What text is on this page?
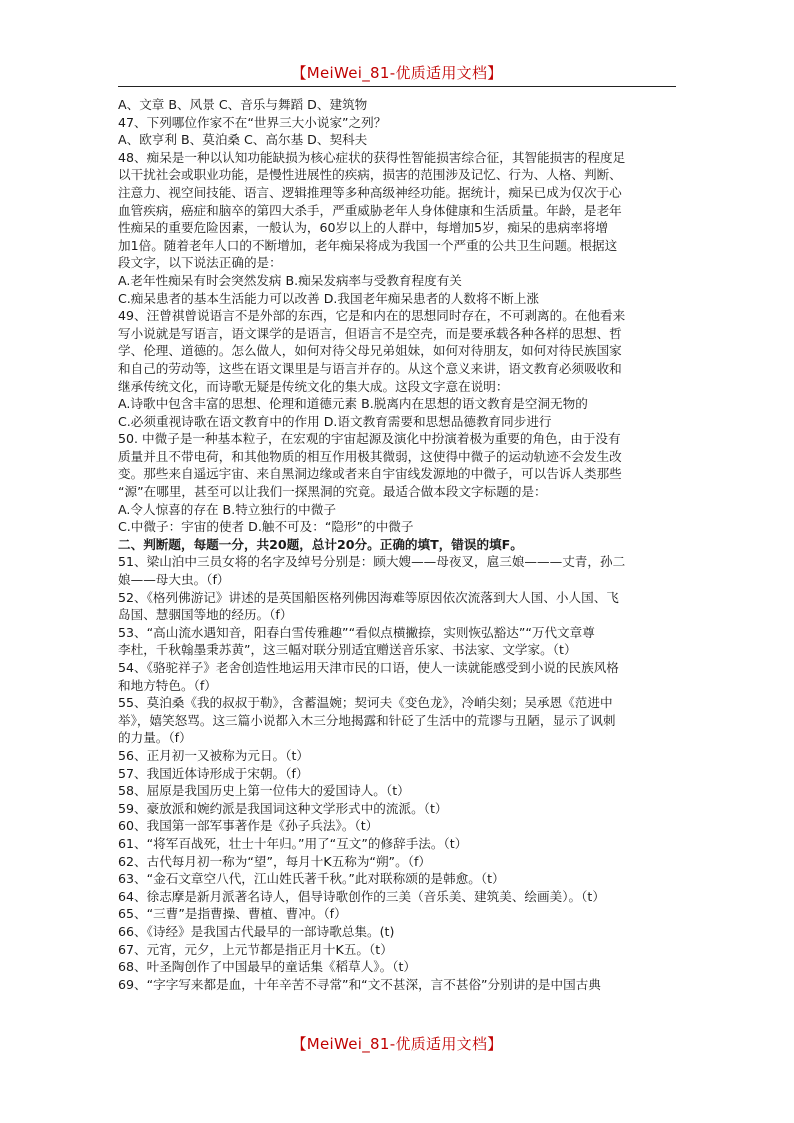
【MeiWei_81-优质适用文档】
A、文章 B、风景 C、音乐与舞蹈 D、建筑物
47、下列哪位作家不在“世界三大小说家”之列？
A、欧亨利 B、莫泊桑 C、高尔基 D、契科夫
48、痴呆是一种以认知功能缺损为核心症状的获得性智能损害综合征，其智能损害的程度足
以干扰社会或职业功能，是慢性进展性的疾病，损害的范围涉及记忆、行为、人格、判断、
注意力、视空间技能、语言、逻辑推理等多种高级神经功能。据统计，痴呆已成为仅次于心
血管疾病，癌症和脑卒的第四大杀手，严重威胁老年人身体健康和生活质量。年龄，是老年
性痴呆的重要危险因素，一般认为，60岁以上的人群中，每增加5岁，痴呆的患病率将增
加1倍。随着老年人口的不断增加，老年痴呆将成为我国一个严重的公共卫生问题。根据这
段文字，以下说法正确的是：
A.老年性痴呆有时会突然发病 B.痴呆发病率与受教育程度有关
C.痴呆患者的基本生活能力可以改善 D.我国老年痴呆患者的人数将不断上涨
49、汪曾祺曾说语言不是外部的东西，它是和内在的思想同时存在，不可剥离的。在他看来
写小说就是写语言，语文课学的是语言，但语言不是空壳，而是要承载各种各样的思想、哲
学、伦理、道德的。怎么做人，如何对待父母兄弟姐妹，如何对待朋友，如何对待民族国家
和自己的劳动等，这些在语文课里是与语言并存的。从这个意义来讲，语文教育必须吸收和
继承传统文化，而诗歌无疑是传统文化的集大成。这段文字意在说明：
A.诗歌中包含丰富的思想、伦理和道德元素 B.脱离内在思想的语文教育是空洞无物的
C.必须重视诗歌在语文教育中的作用 D.语文教育需要和思想品德教育同步进行
50. 中微子是一种基本粒子，在宏观的宇宙起源及演化中扮演着极为重要的角色，由于没有
质量并且不带电荷，和其他物质的相互作用极其微弱，这使得中微子的运动轨迹不会发生改
变。那些来自遥远宇宙、来自黑洞边缘或者来自宇宙线发源地的中微子，可以告诉人类那些
“源”在哪里，甚至可以让我们一探黑洞的究竟。最适合做本段文字标题的是：
A.令人惊喜的存在 B.特立独行的中微子
C.中微子：宇宙的使者 D.触不可及：“隐形”的中微子
二、判断题，每题一分，共20题，总计20分。正确的填T，错误的填F。
51、梁山泊中三员女将的名字及绰号分别是：顾大嫂——母夜叉，扈三娘———丈青，孙二
娘——母大虫。（f）
52、《格列佛游记》讲述的是英国船医格列佛因海难等原因依次流落到大人国、小人国、飞
岛国、慧骃国等地的经历。（f）
53、“高山流水遇知音，阳春白雪传雅趣”“看似点横撇捺，实则恢弘豁达”“万代文章尊
李杜，千秋翰墨秉苏黄”，这三幅对联分别适宜赠送音乐家、书法家、文学家。（t）
54、《骆驼祥子》老舍创造性地运用天津市民的口语，使人一读就能感受到小说的民族风格
和地方特色。（f）
55、莫泊桑《我的叔叔于勒》，含蓄温婉；契诃夫《变色龙》，冷峭尖刻；吴承恩《范进中
举》，嬉笑怒骂。这三篇小说都入木三分地揭露和针砭了生活中的荒谬与丑陋，显示了讽刺
的力量。（f）
56、正月初一又被称为元日。（t）
57、我国近体诗形成于宋朝。（f）
58、屈原是我国历史上第一位伟大的爱国诗人。（t）
59、豪放派和婉约派是我国词这种文学形式中的流派。（t）
60、我国第一部军事著作是《孙子兵法》。（t）
61、“将军百战死，壮士十年归。”用了“互文”的修辞手法。（t）
62、古代每月初一称为“望”，每月十K五称为“朔”。（f）
63、“金石文章空八代，江山姓氏著千秋。”此对联称颂的是韩愈。（t）
64、徐志摩是新月派著名诗人，倡导诗歌创作的三美（音乐美、建筑美、绘画美）。（t）
65、“三曹”是指曹操、曹植、曹冲。（f）
66、《诗经》是我国古代最早的一部诗歌总集。(t)
67、元宵，元夕，上元节都是指正月十K五。（t）
68、叶圣陶创作了中国最早的童话集《稻草人》。（t）
69、“字字写来都是血，十年辛苦不寻常”和“文不甚深，言不甚俗”分别讲的是中国古典
【MeiWei_81-优质适用文档】
